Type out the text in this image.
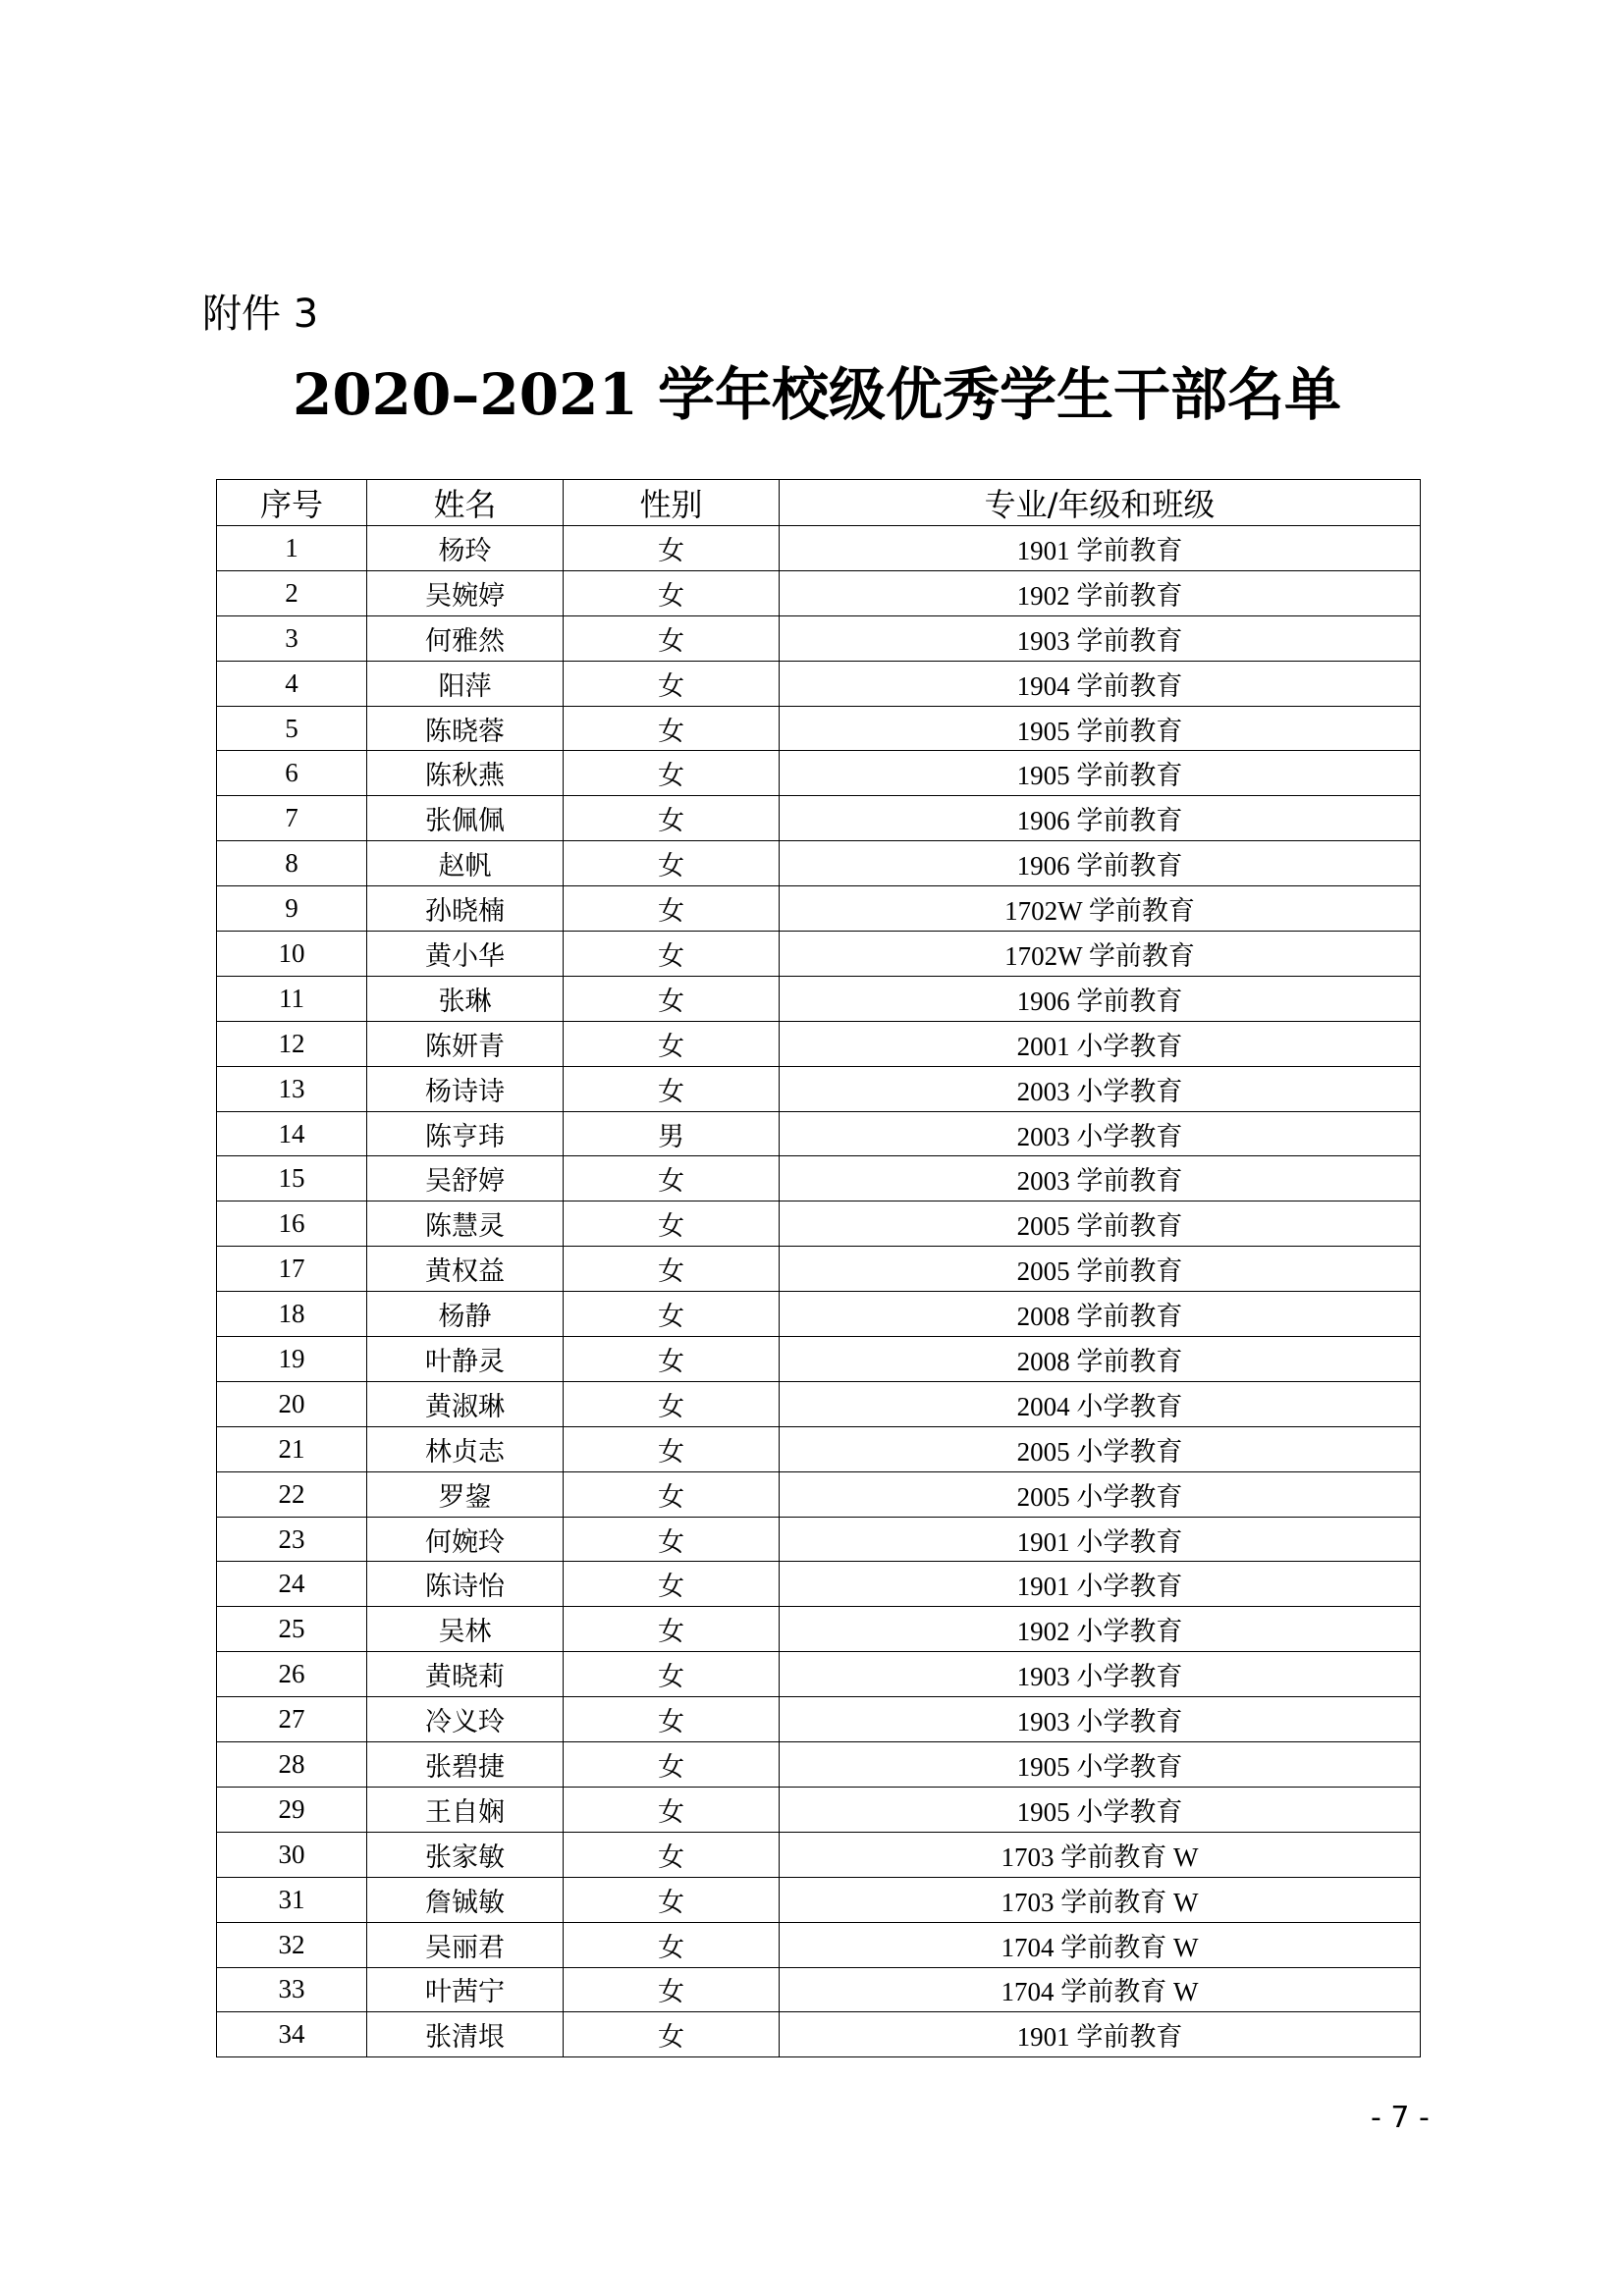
附件 3
2020–2021 学年校级优秀学生干部名单
序号	姓名	性别	专业/年级和班级
1	杨玲	女	1901 学前教育
2	吴婉婷	女	1902 学前教育
3	何雅然	女	1903 学前教育
4	阳萍	女	1904 学前教育
5	陈晓蓉	女	1905 学前教育
6	陈秋燕	女	1905 学前教育
7	张佩佩	女	1906 学前教育
8	赵帆	女	1906 学前教育
9	孙晓楠	女	1702W 学前教育
10	黄小华	女	1702W 学前教育
11	张琳	女	1906 学前教育
12	陈妍青	女	2001 小学教育
13	杨诗诗	女	2003 小学教育
14	陈亨玮	男	2003 小学教育
15	吴舒婷	女	2003 学前教育
16	陈慧灵	女	2005 学前教育
17	黄权益	女	2005 学前教育
18	杨静	女	2008 学前教育
19	叶静灵	女	2008 学前教育
20	黄淑琳	女	2004 小学教育
21	林贞志	女	2005 小学教育
22	罗鋆	女	2005 小学教育
23	何婉玲	女	1901 小学教育
24	陈诗怡	女	1901 小学教育
25	吴林	女	1902 小学教育
26	黄晓莉	女	1903 小学教育
27	冷义玲	女	1903 小学教育
28	张碧捷	女	1905 小学教育
29	王自娴	女	1905 小学教育
30	张家敏	女	1703 学前教育 W
31	詹铖敏	女	1703 学前教育 W
32	吴丽君	女	1704 学前教育 W
33	叶茜宁	女	1704 学前教育 W
34	张清垠	女	1901 学前教育
- 7 -
